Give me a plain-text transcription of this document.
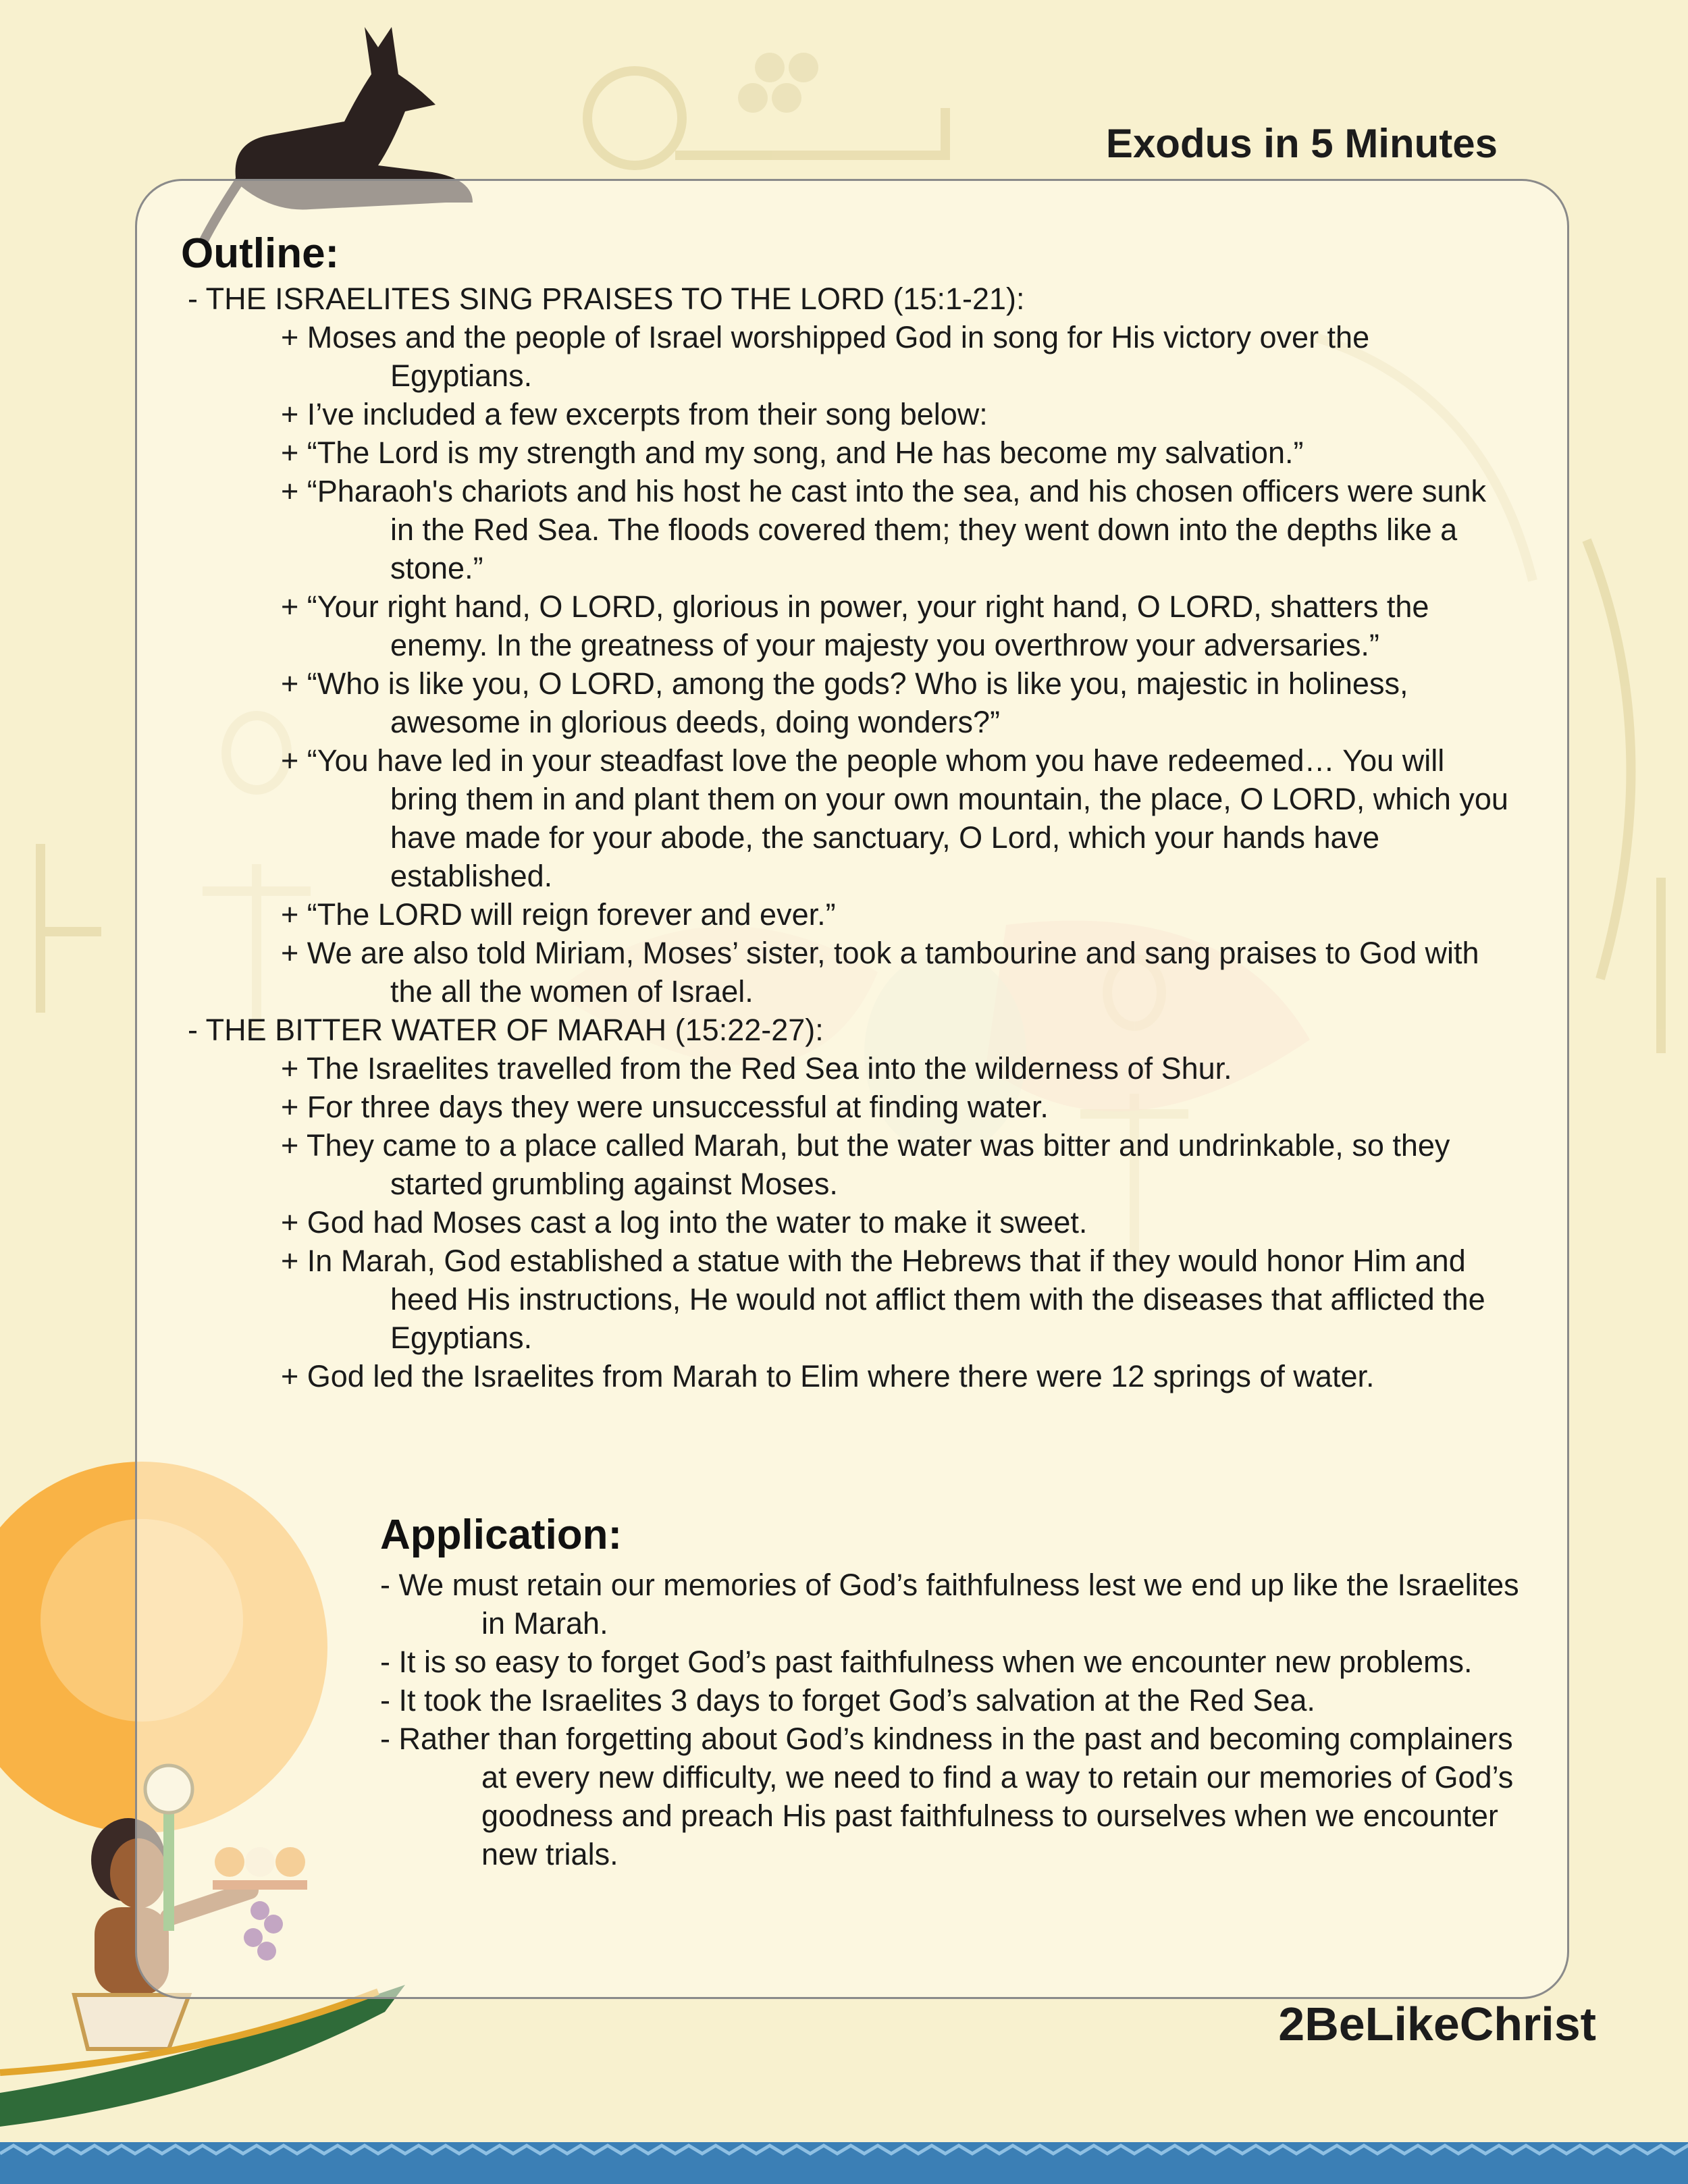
Exodus in 5 Minutes
Outline:
- THE ISRAELITES SING PRAISES TO THE LORD (15:1-21):
+ Moses and the people of Israel worshipped God in song for His victory over the Egyptians.
+ I’ve included a few excerpts from their song below:
+ “The Lord is my strength and my song, and He has become my salvation.”
+ “Pharaoh's chariots and his host he cast into the sea, and his chosen officers were sunk in the Red Sea. The floods covered them; they went down into the depths like a stone.”
+ “Your right hand, O LORD, glorious in power, your right hand, O LORD, shatters the enemy. In the greatness of your majesty you overthrow your adversaries.”
+ “Who is like you, O LORD, among the gods? Who is like you, majestic in holiness, awesome in glorious deeds, doing wonders?”
+ “You have led in your steadfast love the people whom you have redeemed… You will bring them in and plant them on your own mountain, the place, O LORD, which you have made for your abode, the sanctuary, O Lord, which your hands have established.
+ “The LORD will reign forever and ever.”
+ We are also told Miriam, Moses’ sister, took a tambourine and sang praises to God with the all the women of Israel.
- THE BITTER WATER OF MARAH (15:22-27):
+ The Israelites travelled from the Red Sea into the wilderness of Shur.
+ For three days they were unsuccessful at finding water.
+ They came to a place called Marah, but the water was bitter and undrinkable, so they started grumbling against Moses.
+ God had Moses cast a log into the water to make it sweet.
+ In Marah, God established a statue with the Hebrews that if they would honor Him and heed His instructions, He would not afflict them with the diseases that afflicted the Egyptians.
+ God led the Israelites from Marah to Elim where there were 12 springs of water.
Application:
- We must retain our memories of God’s faithfulness lest we end up like the Israelites in Marah.
- It is so easy to forget God’s past faithfulness when we encounter new problems.
- It took the Israelites 3 days to forget God’s salvation at the Red Sea.
- Rather than forgetting about God’s kindness in the past and becoming complainers at every new difficulty, we need to find a way to retain our memories of God’s goodness and preach His past faithfulness to ourselves when we encounter new trials.
2BeLikeChrist
